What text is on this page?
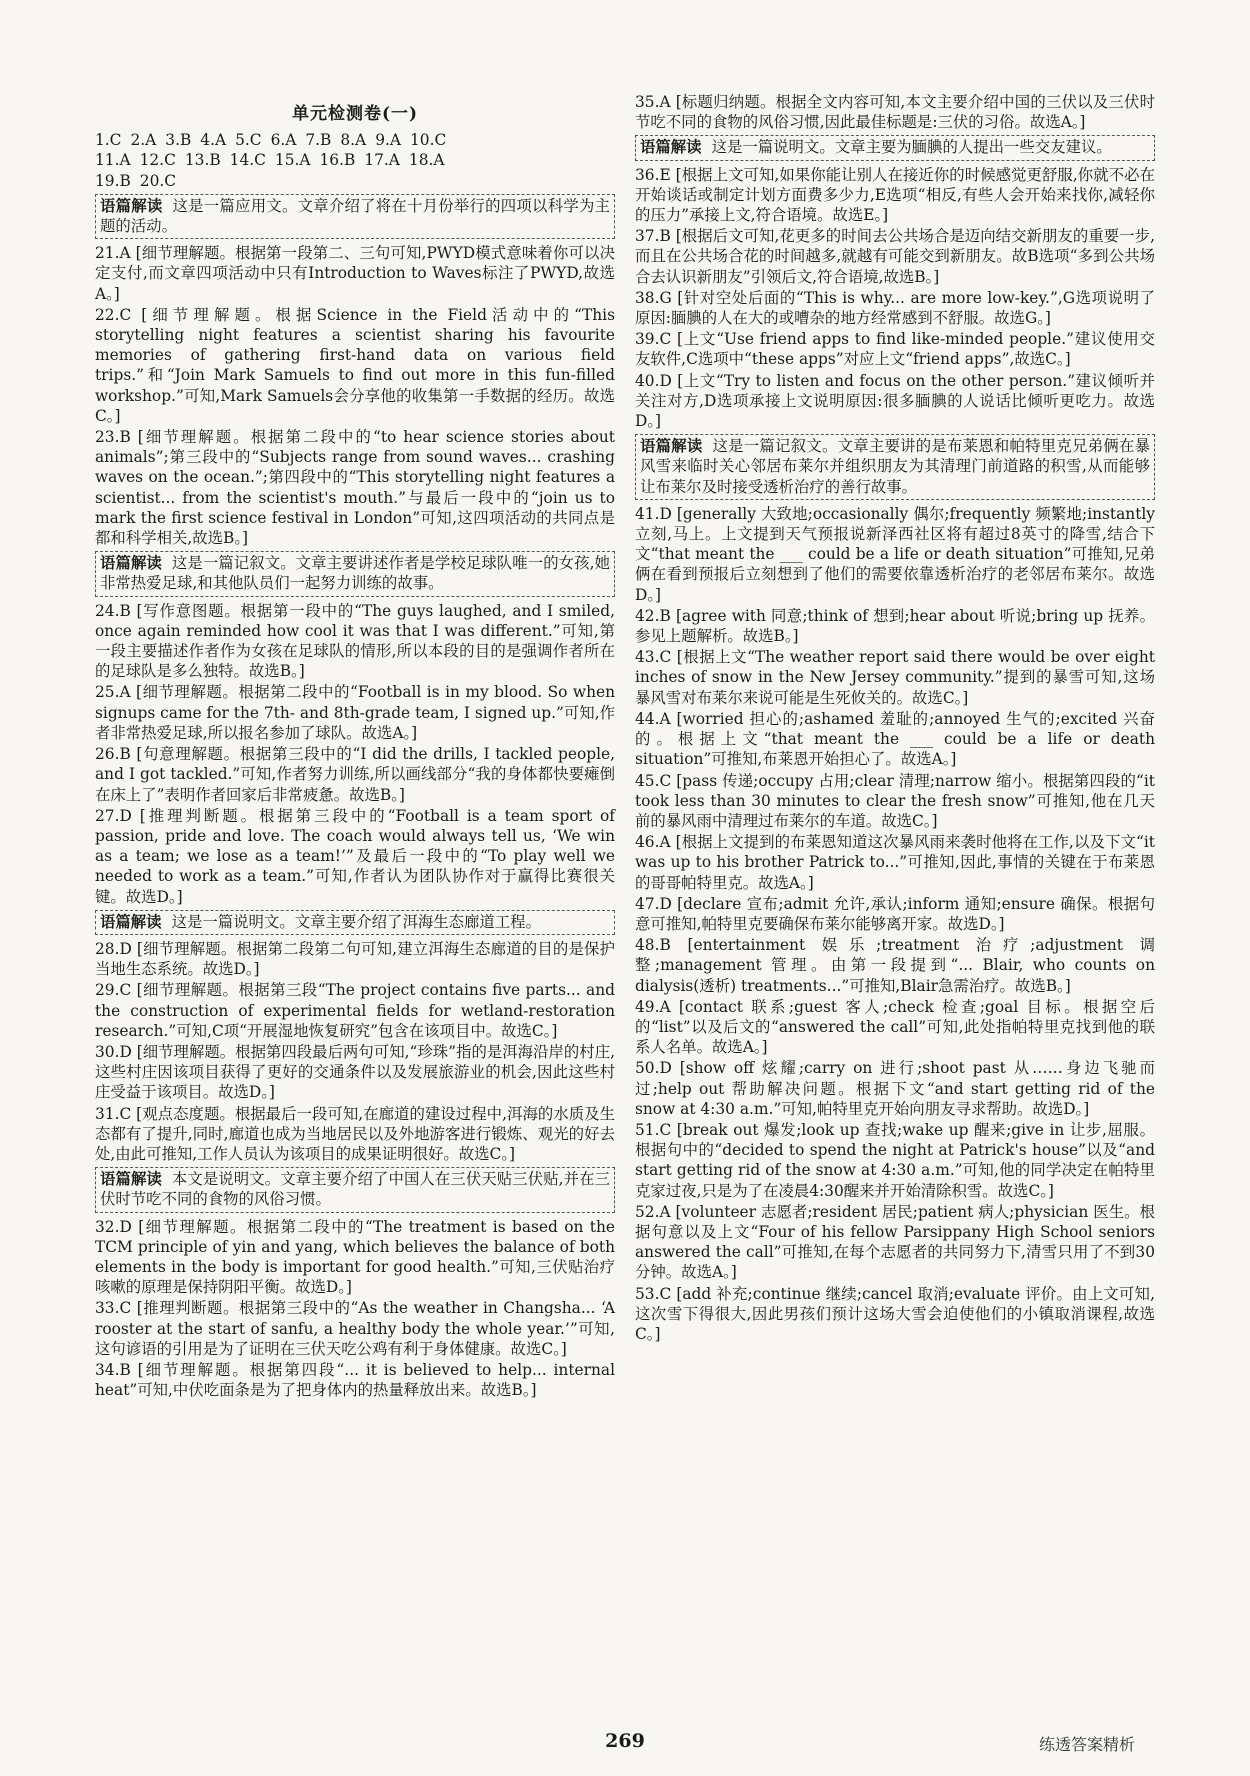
单元检测卷(一)
1.C 2.A 3.B 4.A 5.C 6.A 7.B 8.A 9.A 10.C
11.A 12.C 13.B 14.C 15.A 16.B 17.A 18.A
19.B 20.C
语篇解读 这是一篇应用文。文章介绍了将在十月份举行的四项以科学为主题的活动。
21.A [细节理解题。根据第一段第二、三句可知,PWYD模式意味着你可以决定支付,而文章四项活动中只有Introduction to Waves标注了PWYD,故选A。]
22.C [细节理解题。根据Science in the Field活动中的“This storytelling night features a scientist sharing his favourite memories of gathering first-hand data on various field trips.”和“Join Mark Samuels to find out more in this fun-filled workshop.”可知,Mark Samuels会分享他的收集第一手数据的经历。故选C。]
23.B [细节理解题。根据第二段中的“to hear science stories about animals”;第三段中的“Subjects range from sound waves... crashing waves on the ocean.”;第四段中的“This storytelling night features a scientist... from the scientist's mouth.”与最后一段中的“join us to mark the first science festival in London”可知,这四项活动的共同点是都和科学相关,故选B。]
语篇解读 这是一篇记叙文。文章主要讲述作者是学校足球队唯一的女孩,她非常热爱足球,和其他队员们一起努力训练的故事。
24.B [写作意图题。根据第一段中的“The guys laughed, and I smiled, once again reminded how cool it was that I was different.”可知,第一段主要描述作者作为女孩在足球队的情形,所以本段的目的是强调作者所在的足球队是多么独特。故选B。]
25.A [细节理解题。根据第二段中的“Football is in my blood. So when signups came for the 7th- and 8th-grade team, I signed up.”可知,作者非常热爱足球,所以报名参加了球队。故选A。]
26.B [句意理解题。根据第三段中的“I did the drills, I tackled people, and I got tackled.”可知,作者努力训练,所以画线部分“我的身体都快要瘫倒在床上了”表明作者回家后非常疲惫。故选B。]
27.D [推理判断题。根据第三段中的“Football is a team sport of passion, pride and love. The coach would always tell us, ‘We win as a team; we lose as a team!’”及最后一段中的“To play well we needed to work as a team.”可知,作者认为团队协作对于赢得比赛很关键。故选D。]
语篇解读 这是一篇说明文。文章主要介绍了洱海生态廊道工程。
28.D [细节理解题。根据第二段第二句可知,建立洱海生态廊道的目的是保护当地生态系统。故选D。]
29.C [细节理解题。根据第三段“The project contains five parts... and the construction of experimental fields for wetland-restoration research.”可知,C项“开展湿地恢复研究”包含在该项目中。故选C。]
30.D [细节理解题。根据第四段最后两句可知,“珍珠”指的是洱海沿岸的村庄,这些村庄因该项目获得了更好的交通条件以及发展旅游业的机会,因此这些村庄受益于该项目。故选D。]
31.C [观点态度题。根据最后一段可知,在廊道的建设过程中,洱海的水质及生态都有了提升,同时,廊道也成为当地居民以及外地游客进行锻炼、观光的好去处,由此可推知,工作人员认为该项目的成果证明很好。故选C。]
语篇解读 本文是说明文。文章主要介绍了中国人在三伏天贴三伏贴,并在三伏时节吃不同的食物的风俗习惯。
32.D [细节理解题。根据第二段中的“The treatment is based on the TCM principle of yin and yang, which believes the balance of both elements in the body is important for good health.”可知,三伏贴治疗咳嗽的原理是保持阴阳平衡。故选D。]
33.C [推理判断题。根据第三段中的“As the weather in Changsha... ‘A rooster at the start of sanfu, a healthy body the whole year.’”可知,这句谚语的引用是为了证明在三伏天吃公鸡有利于身体健康。故选C。]
34.B [细节理解题。根据第四段“... it is believed to help... internal heat”可知,中伏吃面条是为了把身体内的热量释放出来。故选B。]
35.A [标题归纳题。根据全文内容可知,本文主要介绍中国的三伏以及三伏时节吃不同的食物的风俗习惯,因此最佳标题是:三伏的习俗。故选A。]
语篇解读 这是一篇说明文。文章主要为腼腆的人提出一些交友建议。
36.E [根据上文可知,如果你能让别人在接近你的时候感觉更舒服,你就不必在开始谈话或制定计划方面费多少力,E选项“相反,有些人会开始来找你,减轻你的压力”承接上文,符合语境。故选E。]
37.B [根据后文可知,花更多的时间去公共场合是迈向结交新朋友的重要一步,而且在公共场合花的时间越多,就越有可能交到新朋友。故B选项“多到公共场合去认识新朋友”引领后文,符合语境,故选B。]
38.G [针对空处后面的“This is why... are more low-key.”,G选项说明了原因:腼腆的人在大的或嘈杂的地方经常感到不舒服。故选G。]
39.C [上文“Use friend apps to find like-minded people.”建议使用交友软件,C选项中“these apps”对应上文“friend apps”,故选C。]
40.D [上文“Try to listen and focus on the other person.”建议倾听并关注对方,D选项承接上文说明原因:很多腼腆的人说话比倾听更吃力。故选D。]
语篇解读 这是一篇记叙文。文章主要讲的是布莱恩和帕特里克兄弟俩在暴风雪来临时关心邻居布莱尔并组织朋友为其清理门前道路的积雪,从而能够让布莱尔及时接受透析治疗的善行故事。
41.D [generally 大致地;occasionally 偶尔;frequently 频繁地;instantly 立刻,马上。上文提到天气预报说新泽西社区将有超过8英寸的降雪,结合下文“that meant the ___ could be a life or death situation”可推知,兄弟俩在看到预报后立刻想到了他们的需要依靠透析治疗的老邻居布莱尔。故选D。]
42.B [agree with 同意;think of 想到;hear about 听说;bring up 抚养。参见上题解析。故选B。]
43.C [根据上文“The weather report said there would be over eight inches of snow in the New Jersey community.”提到的暴雪可知,这场暴风雪对布莱尔来说可能是生死攸关的。故选C。]
44.A [worried 担心的;ashamed 羞耻的;annoyed 生气的;excited 兴奋的。根据上文“that meant the ___ could be a life or death situation”可推知,布莱恩开始担心了。故选A。]
45.C [pass 传递;occupy 占用;clear 清理;narrow 缩小。根据第四段的“it took less than 30 minutes to clear the fresh snow”可推知,他在几天前的暴风雨中清理过布莱尔的车道。故选C。]
46.A [根据上文提到的布莱恩知道这次暴风雨来袭时他将在工作,以及下文“it was up to his brother Patrick to...”可推知,因此,事情的关键在于布莱恩的哥哥帕特里克。故选A。]
47.D [declare 宣布;admit 允许,承认;inform 通知;ensure 确保。根据句意可推知,帕特里克要确保布莱尔能够离开家。故选D。]
48.B [entertainment 娱乐;treatment 治疗;adjustment 调整;management 管理。由第一段提到“... Blair, who counts on dialysis(透析) treatments...”可推知,Blair急需治疗。故选B。]
49.A [contact 联系;guest 客人;check 检查;goal 目标。根据空后的“list”以及后文的“answered the call”可知,此处指帕特里克找到他的联系人名单。故选A。]
50.D [show off 炫耀;carry on 进行;shoot past 从……身边飞驰而过;help out 帮助解决问题。根据下文“and start getting rid of the snow at 4:30 a.m.”可知,帕特里克开始向朋友寻求帮助。故选D。]
51.C [break out 爆发;look up 查找;wake up 醒来;give in 让步,屈服。根据句中的“decided to spend the night at Patrick's house”以及“and start getting rid of the snow at 4:30 a.m.”可知,他的同学决定在帕特里克家过夜,只是为了在凌晨4:30醒来并开始清除积雪。故选C。]
52.A [volunteer 志愿者;resident 居民;patient 病人;physician 医生。根据句意以及上文“Four of his fellow Parsippany High School seniors answered the call”可推知,在每个志愿者的共同努力下,清雪只用了不到30分钟。故选A。]
53.C [add 补充;continue 继续;cancel 取消;evaluate 评价。由上文可知,这次雪下得很大,因此男孩们预计这场大雪会迫使他们的小镇取消课程,故选C。]
269	练透答案精析
